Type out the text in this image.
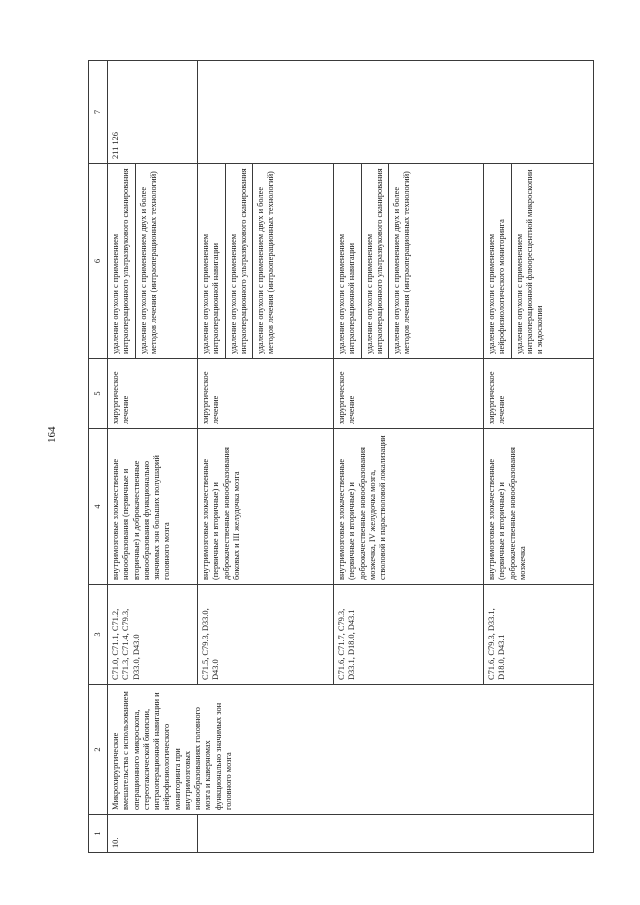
164
1	2	3	4	5	6	7
10.	Микрохирургические вмешательства с использованием операционного микроскопа, стереотаксической биопсии, интраоперационной навигации и нейрофизиологического мониторинга при внутримозговых новообразованиях головного мозга и каверномах функционально значимых зон головного мозга	C71.0, C71.1, C71.2, C71.3, C71.4, C79.3, D33.0, D43.0	внутримозговые злокачественные новообразования (первичные и вторичные) и доброкачественные новообразования функционально значимых зон больших полушарий головного мозга	хирургическое лечение	удаление опухоли с применением интраоперационного ультразвукового сканирования удаление опухоли с применением двух и более методов лечения (интраоперационных технологий)	211 126
		C71.5, C79.3, D33.0, D43.0	внутримозговые злокачественные (первичные и вторичные) и доброкачественные новообразования боковых и III желудочка мозга	хирургическое лечение	удаление опухоли с применением интраоперационной навигации удаление опухоли с применением интраоперационного ультразвукового сканирования удаление опухоли с применением двух и более методов лечения (интраоперационных технологий)	

		C71.6, C71.7, C79.3, D33.1, D18.0, D43.1	внутримозговые злокачественные (первичные и вторичные) и доброкачественные новообразования мозжечка, IV желудочка мозга, стволовой и парастволовой локализации	хирургическое лечение	удаление опухоли с применением интраоперационной навигации удаление опухоли с применением интраоперационного ультразвукового сканирования удаление опухоли с применением двух и более методов лечения (интраоперационных технологий)	

		C71.6, C79.3, D33.1, D18.0, D43.1	внутримозговые злокачественные (первичные и вторичные) и доброкачественные новообразования мозжечка	хирургическое лечение	удаление опухоли с применением нейрофизиологического мониторинга удаление опухоли с применением интраоперационной флюоресцентной микроскопии и эндоскопии	
